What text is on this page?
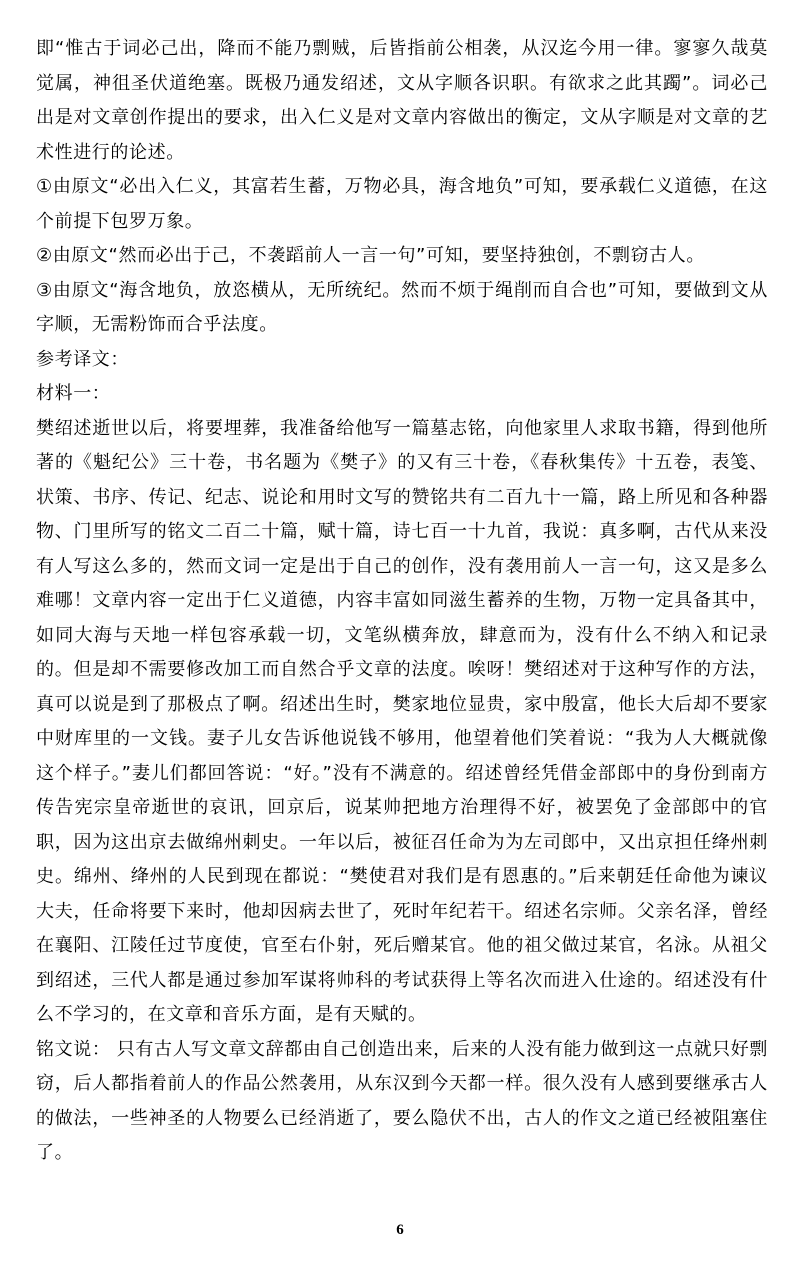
即“惟古于词必己出，降而不能乃剽贼，后皆指前公相袭，从汉迄今用一律。寥寥久哉莫觉属，神徂圣伏道绝塞。既极乃通发绍述，文从字顺各识职。有欲求之此其躅”。词必己出是对文章创作提出的要求，出入仁义是对文章内容做出的衡定，文从字顺是对文章的艺术性进行的论述。

①由原文“必出入仁义，其富若生蓄，万物必具，海含地负”可知，要承载仁义道德，在这个前提下包罗万象。

②由原文“然而必出于己，不袭蹈前人一言一句”可知，要坚持独创，不剽窃古人。

③由原文“海含地负，放恣横从，无所统纪。然而不烦于绳削而自合也”可知，要做到文从字顺，无需粉饰而合乎法度。

参考译文：

材料一：

樊绍述逝世以后，将要埋葬，我准备给他写一篇墓志铭，向他家里人求取书籍，得到他所著的《魁纪公》三十卷，书名题为《樊子》的又有三十卷，《春秋集传》十五卷，表笺、状策、书序、传记、纪志、说论和用时文写的赞铭共有二百九十一篇，路上所见和各种器物、门里所写的铭文二百二十篇，赋十篇，诗七百一十九首，我说：真多啊，古代从来没有人写这么多的，然而文词一定是出于自己的创作，没有袭用前人一言一句，这又是多么难哪！文章内容一定出于仁义道德，内容丰富如同滋生蓄养的生物，万物一定具备其中，如同大海与天地一样包容承载一切，文笔纵横奔放，肆意而为，没有什么不纳入和记录的。但是却不需要修改加工而自然合乎文章的法度。唉呀！樊绍述对于这种写作的方法，真可以说是到了那极点了啊。绍述出生时，樊家地位显贵，家中殷富，他长大后却不要家中财库里的一文钱。妻子儿女告诉他说钱不够用，他望着他们笑着说：“我为人大概就像这个样子。”妻儿们都回答说：“好。”没有不满意的。绍述曾经凭借金部郎中的身份到南方传告宪宗皇帝逝世的哀讯，回京后，说某帅把地方治理得不好，被罢免了金部郎中的官职，因为这出京去做绵州刺史。一年以后，被征召任命为为左司郎中，又出京担任绛州刺史。绵州、绛州的人民到现在都说：“樊使君对我们是有恩惠的。”后来朝廷任命他为谏议大夫，任命将要下来时，他却因病去世了，死时年纪若干。绍述名宗师。父亲名泽，曾经在襄阳、江陵任过节度使，官至右仆射，死后赠某官。他的祖父做过某官，名泳。从祖父到绍述，三代人都是通过参加军谋将帅科的考试获得上等名次而进入仕途的。绍述没有什么不学习的，在文章和音乐方面，是有天赋的。

铭文说： 只有古人写文章文辞都由自己创造出来，后来的人没有能力做到这一点就只好剽窃，后人都指着前人的作品公然袭用，从东汉到今天都一样。很久没有人感到要继承古人的做法，一些神圣的人物要么已经消逝了，要么隐伏不出，古人的作文之道已经被阻塞住了。

6
